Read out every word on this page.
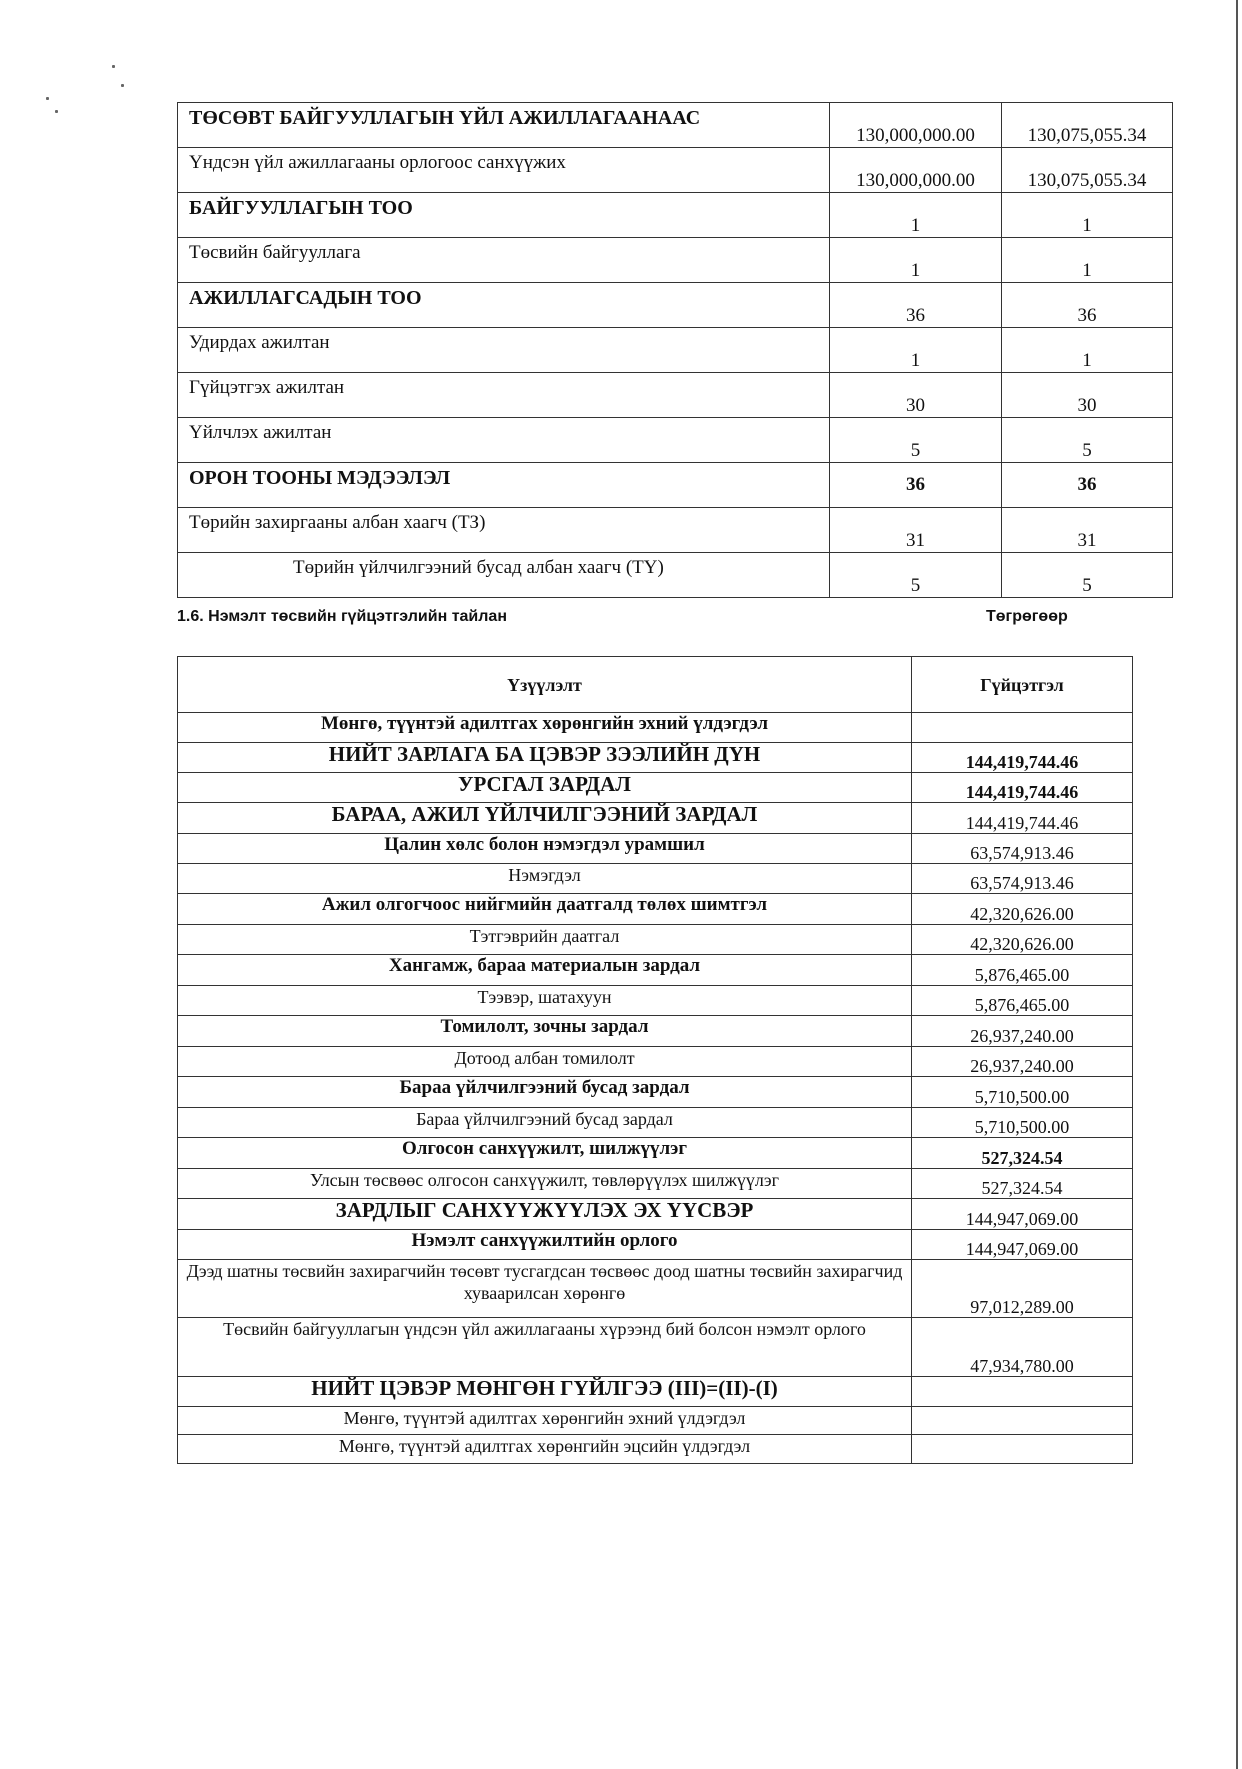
ТӨСӨВТ БАЙГУУЛЛАГЫН ҮЙЛ АЖИЛЛАГААНААС	130,000,000.00	130,075,055.34
Үндсэн үйл ажиллагааны орлогоос санхүүжих	130,000,000.00	130,075,055.34
БАЙГУУЛЛАГЫН ТОО	1	1
Төсвийн байгууллага	1	1
АЖИЛЛАГСАДЫН ТОО	36	36
Удирдах ажилтан	1	1
Гүйцэтгэх ажилтан	30	30
Үйлчлэх ажилтан	5	5
ОРОН ТООНЫ МЭДЭЭЛЭЛ	36	36
Төрийн захиргааны албан хаагч (ТЗ)	31	31
Төрийн үйлчилгээний бусад албан хаагч (ТҮ)	5	5
1.6. Нэмэлт төсвийн гүйцэтгэлийн тайлан	Төгрөгөөр
Үзүүлэлт	Гүйцэтгэл
Мөнгө, түүнтэй адилтгах хөрөнгийн эхний үлдэгдэл	
НИЙТ ЗАРЛАГА БА ЦЭВЭР ЗЭЭЛИЙН ДҮН	144,419,744.46
УРСГАЛ ЗАРДАЛ	144,419,744.46
БАРАА, АЖИЛ ҮЙЛЧИЛГЭЭНИЙ ЗАРДАЛ	144,419,744.46
Цалин хөлс болон нэмэгдэл урамшил	63,574,913.46
Нэмэгдэл	63,574,913.46
Ажил олгогчоос нийгмийн даатгалд төлөх шимтгэл	42,320,626.00
Тэтгэврийн даатгал	42,320,626.00
Хангамж, бараа материалын зардал	5,876,465.00
Тээвэр, шатахуун	5,876,465.00
Томилолт, зочны зардал	26,937,240.00
Дотоод албан томилолт	26,937,240.00
Бараа үйлчилгээний бусад зардал	5,710,500.00
Бараа үйлчилгээний бусад зардал	5,710,500.00
Олгосон санхүүжилт, шилжүүлэг	527,324.54
Улсын төсвөөс олгосон санхүүжилт, төвлөрүүлэх шилжүүлэг	527,324.54
ЗАРДЛЫГ САНХҮҮЖҮҮЛЭХ ЭХ ҮҮСВЭР	144,947,069.00
Нэмэлт санхүүжилтийн орлого	144,947,069.00
Дээд шатны төсвийн захирагчийн төсөвт тусгагдсан төсвөөс доод шатны төсвийн захирагчид хуваарилсан хөрөнгө	97,012,289.00
Төсвийн байгууллагын үндсэн үйл ажиллагааны хүрээнд бий болсон нэмэлт орлого	47,934,780.00
НИЙТ ЦЭВЭР МӨНГӨН ГҮЙЛГЭЭ (III)=(II)-(I)	
Мөнгө, түүнтэй адилтгах хөрөнгийн эхний үлдэгдэл	
Мөнгө, түүнтэй адилтгах хөрөнгийн эцсийн үлдэгдэл	
